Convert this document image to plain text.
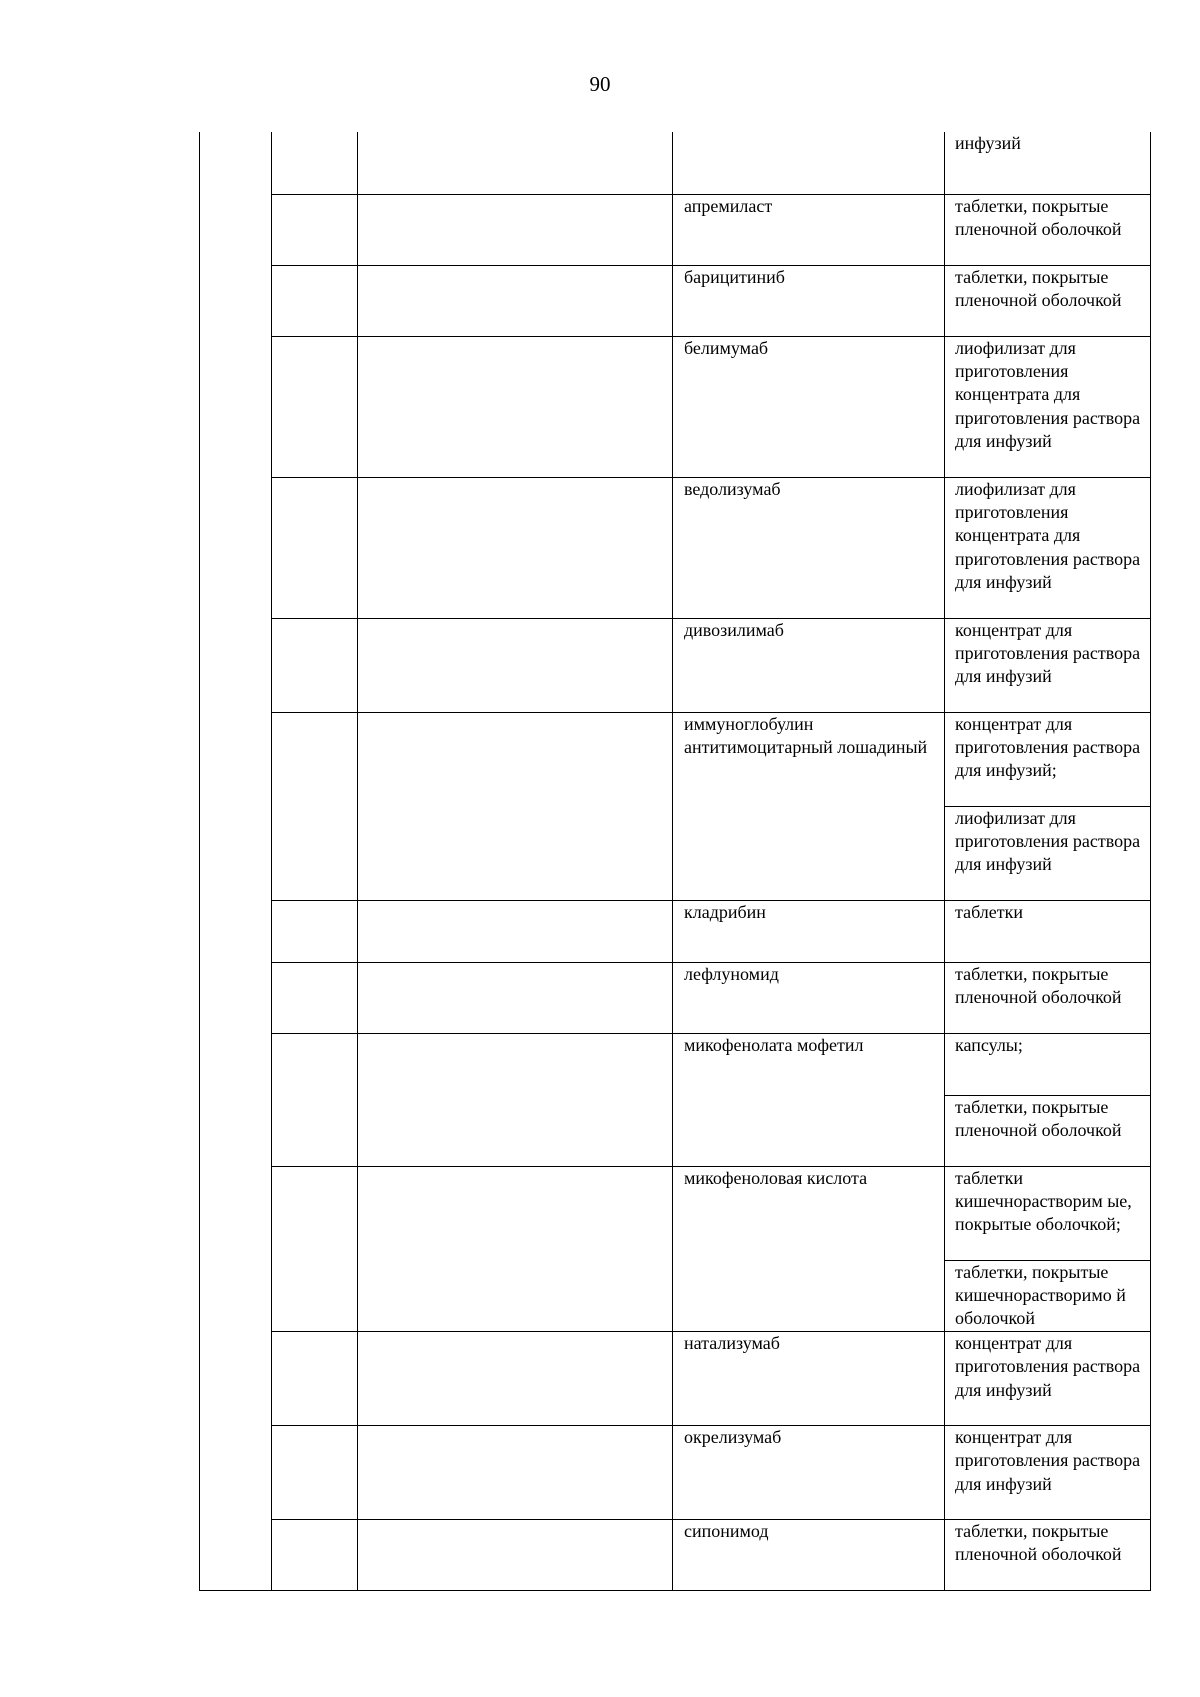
90
				инфузий
			апремиласт	таблетки, покрытые пленочной оболочкой
			барицитиниб	таблетки, покрытые пленочной оболочкой
			белимумаб	лиофилизат для приготовления концентрата для приготовления раствора для инфузий
			ведолизумаб	лиофилизат для приготовления концентрата для приготовления раствора для инфузий
			дивозилимаб	концентрат для приготовления раствора для инфузий
			иммуноглобулин антитимоцитарный лошадиный	концентрат для приготовления раствора для инфузий;
				лиофилизат для приготовления раствора для инфузий
			кладрибин	таблетки
			лефлуномид	таблетки, покрытые пленочной оболочкой
			микофенолата мофетил	капсулы;
				таблетки, покрытые пленочной оболочкой
			микофеноловая кислота	таблетки кишечнорастворим ые, покрытые оболочкой;
				таблетки, покрытые кишечнорастворимо й оболочкой
			натализумаб	концентрат для приготовления раствора для инфузий
			окрелизумаб	концентрат для приготовления раствора для инфузий
			сипонимод	таблетки, покрытые пленочной оболочкой
